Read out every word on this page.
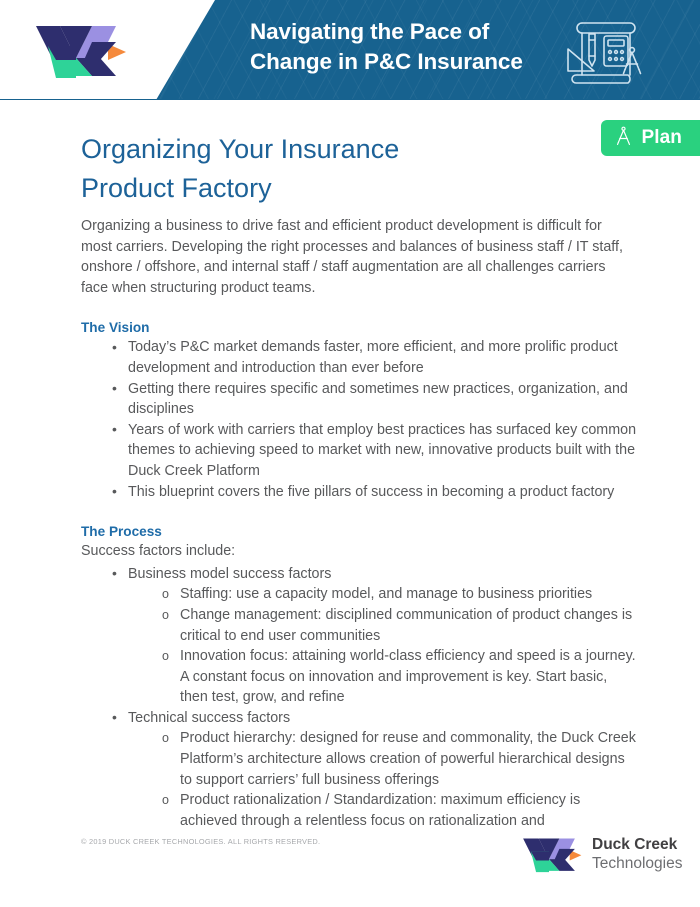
Navigating the Pace of
Change in P&C Insurance
Plan
Organizing Your Insurance
Product Factory

Organizing a business to drive fast and efficient product development is difficult for most carriers. Developing the right processes and balances of business staff / IT staff, onshore / offshore, and internal staff / staff augmentation are all challenges carriers face when structuring product teams.

The Vision
• Today’s P&C market demands faster, more efficient, and more prolific product development and introduction than ever before
• Getting there requires specific and sometimes new practices, organization, and disciplines
• Years of work with carriers that employ best practices has surfaced key common themes to achieving speed to market with new, innovative products built with the Duck Creek Platform
• This blueprint covers the five pillars of success in becoming a product factory
The Process
Success factors include:
• Business model success factors
o Staffing: use a capacity model, and manage to business priorities
o Change management: disciplined communication of product changes is critical to end user communities
o Innovation focus: attaining world-class efficiency and speed is a journey. A constant focus on innovation and improvement is key. Start basic, then test, grow, and refine
• Technical success factors
o Product hierarchy: designed for reuse and commonality, the Duck Creek Platform’s architecture allows creation of powerful hierarchical designs to support carriers’ full business offerings
o Product rationalization / Standardization: maximum efficiency is achieved through a relentless focus on rationalization and
© 2019 DUCK CREEK TECHNOLOGIES. ALL RIGHTS RESERVED.	Duck Creek
Technologies
